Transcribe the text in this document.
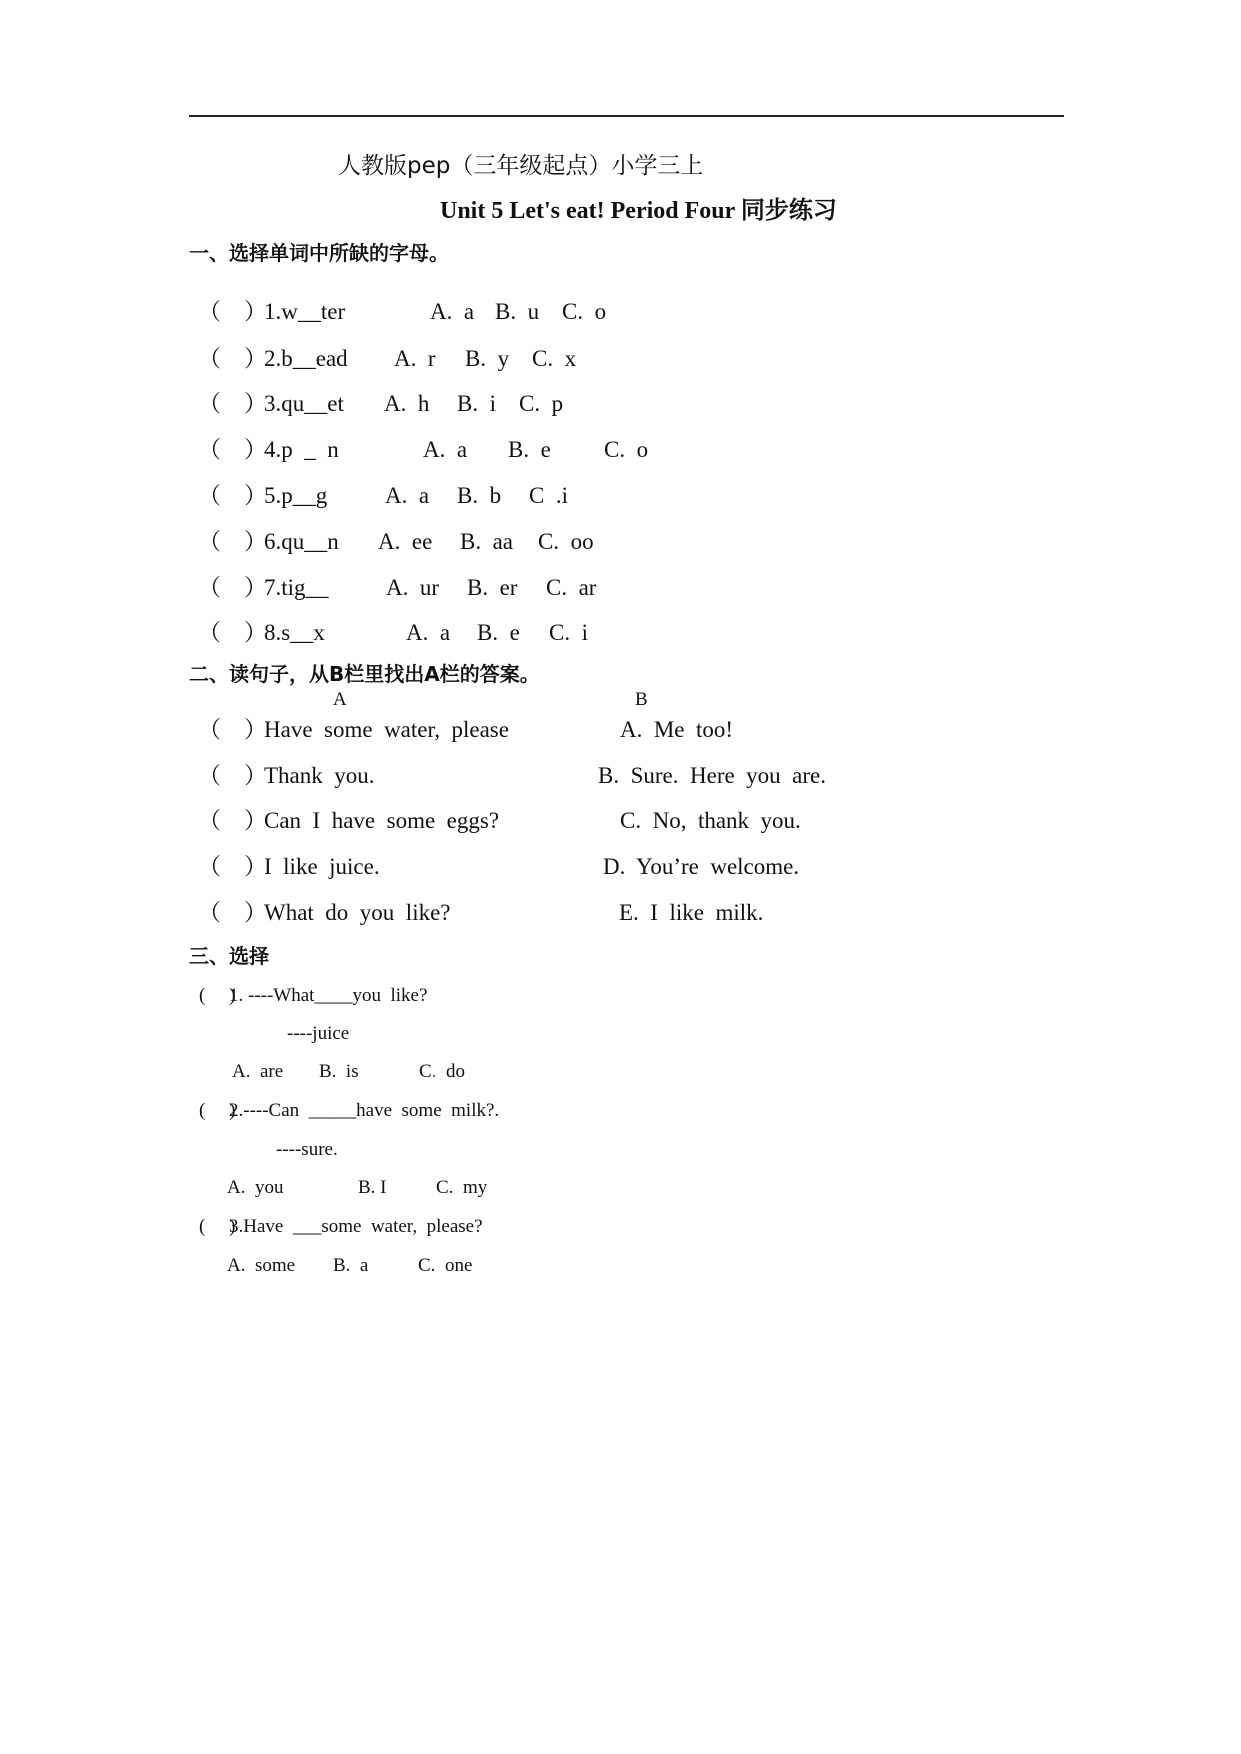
人教版pep（三年级起点）小学三上
Unit 5 Let's eat! Period Four 同步练习
一、选择单词中所缺的字母。
（    ）
1.w__ter	A.  a B.  u C.  o
（    ）
2.b__ead A.  r B.  y C.  x
（    ）
3.qu__et A.  h B.  i C.  p
（    ）
4.p  _  n	A.  a B.  e C.  o
（    ）
5.p__g	A.  a B.  b C  .i
（    ）
6.qu__n A.  ee B.  aa C.  oo
（    ）
7.tig__ A.  ur B.  er C.  ar
（    ）
8.s__x	A.  a B.  e C.  i
二、读句子，从B栏里找出A栏的答案。
A	B
（    ）
Have  some  water,  please	A.  Me  too!
（    ）
Thank  you.	B.  Sure.  Here  you  are.
（    ）
Can  I  have  some  eggs?	C.  No,  thank  you.
（    ）
I  like  juice.	D.  You’re  welcome.
（    ）
What  do  you  like?	E.  I  like  milk.
三、选择
(     )
1. ----What____you  like?
----juice
A.  are B.  is	C.  do
(     )
2.----Can  _____have  some  milk?.
----sure.
A.  you	B. I	C.  my
(     )
3.Have  ___some  water,  please?
A.  some B.  a	C.  one
